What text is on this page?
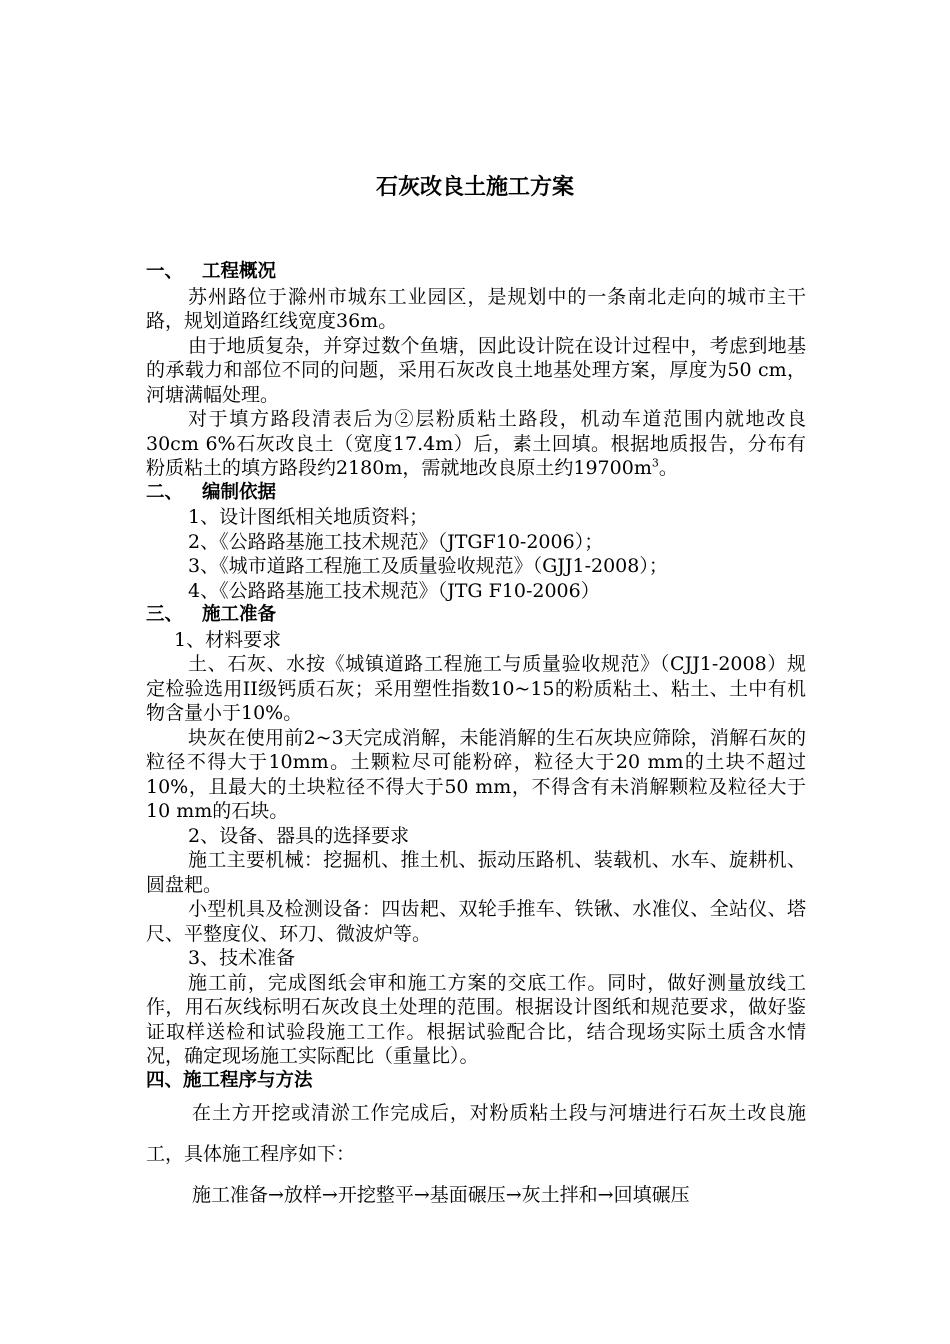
石灰改良土施工方案

一、 工程概况

苏州路位于滁州市城东工业园区，是规划中的一条南北走向的城市主干路，规划道路红线宽度36m。

由于地质复杂，并穿过数个鱼塘，因此设计院在设计过程中，考虑到地基的承载力和部位不同的问题，采用石灰改良土地基处理方案，厚度为50 cm，河塘满幅处理。

对于填方路段清表后为②层粉质粘土路段，机动车道范围内就地改良30cm 6%石灰改良土（宽度17.4m）后，素土回填。根据地质报告，分布有粉质粘土的填方路段约2180m，需就地改良原土约$19700m^3$。

二、 编制依据

1、设计图纸相关地质资料；

2、《公路路基施工技术规范》（JTGF10-2006）；

3、《城市道路工程施工及质量验收规范》（GJJ1-2008）；

4、《公路路基施工技术规范》（JTG F10-2006）

三、 施工准备

1、材料要求

土、石灰、水按《城镇道路工程施工与质量验收规范》（CJJ1-2008）规定检验选用II级钙质石灰；采用塑性指数10~15的粉质粘土、粘土、土中有机物含量小于10%。

块灰在使用前2~3天完成消解，未能消解的生石灰块应筛除，消解石灰的粒径不得大于10mm。土颗粒尽可能粉碎，粒径大于20 mm的土块不超过10%，且最大的土块粒径不得大于50 mm，不得含有未消解颗粒及粒径大于10 mm的石块。

2、设备、器具的选择要求

施工主要机械：挖掘机、推土机、振动压路机、装载机、水车、旋耕机、圆盘耙。

小型机具及检测设备：四齿耙、双轮手推车、铁锹、水准仪、全站仪、塔尺、平整度仪、环刀、微波炉等。

3、技术准备

施工前，完成图纸会审和施工方案的交底工作。同时，做好测量放线工作，用石灰线标明石灰改良土处理的范围。根据设计图纸和规范要求，做好鉴证取样送检和试验段施工工作。根据试验配合比，结合现场实际土质含水情况，确定现场施工实际配比（重量比）。

四、施工程序与方法

在土方开挖或清淤工作完成后，对粉质粘土段与河塘进行石灰土改良施工，具体施工程序如下：

施工准备→放样→开挖整平→基面碾压→灰土拌和→回填碾压
